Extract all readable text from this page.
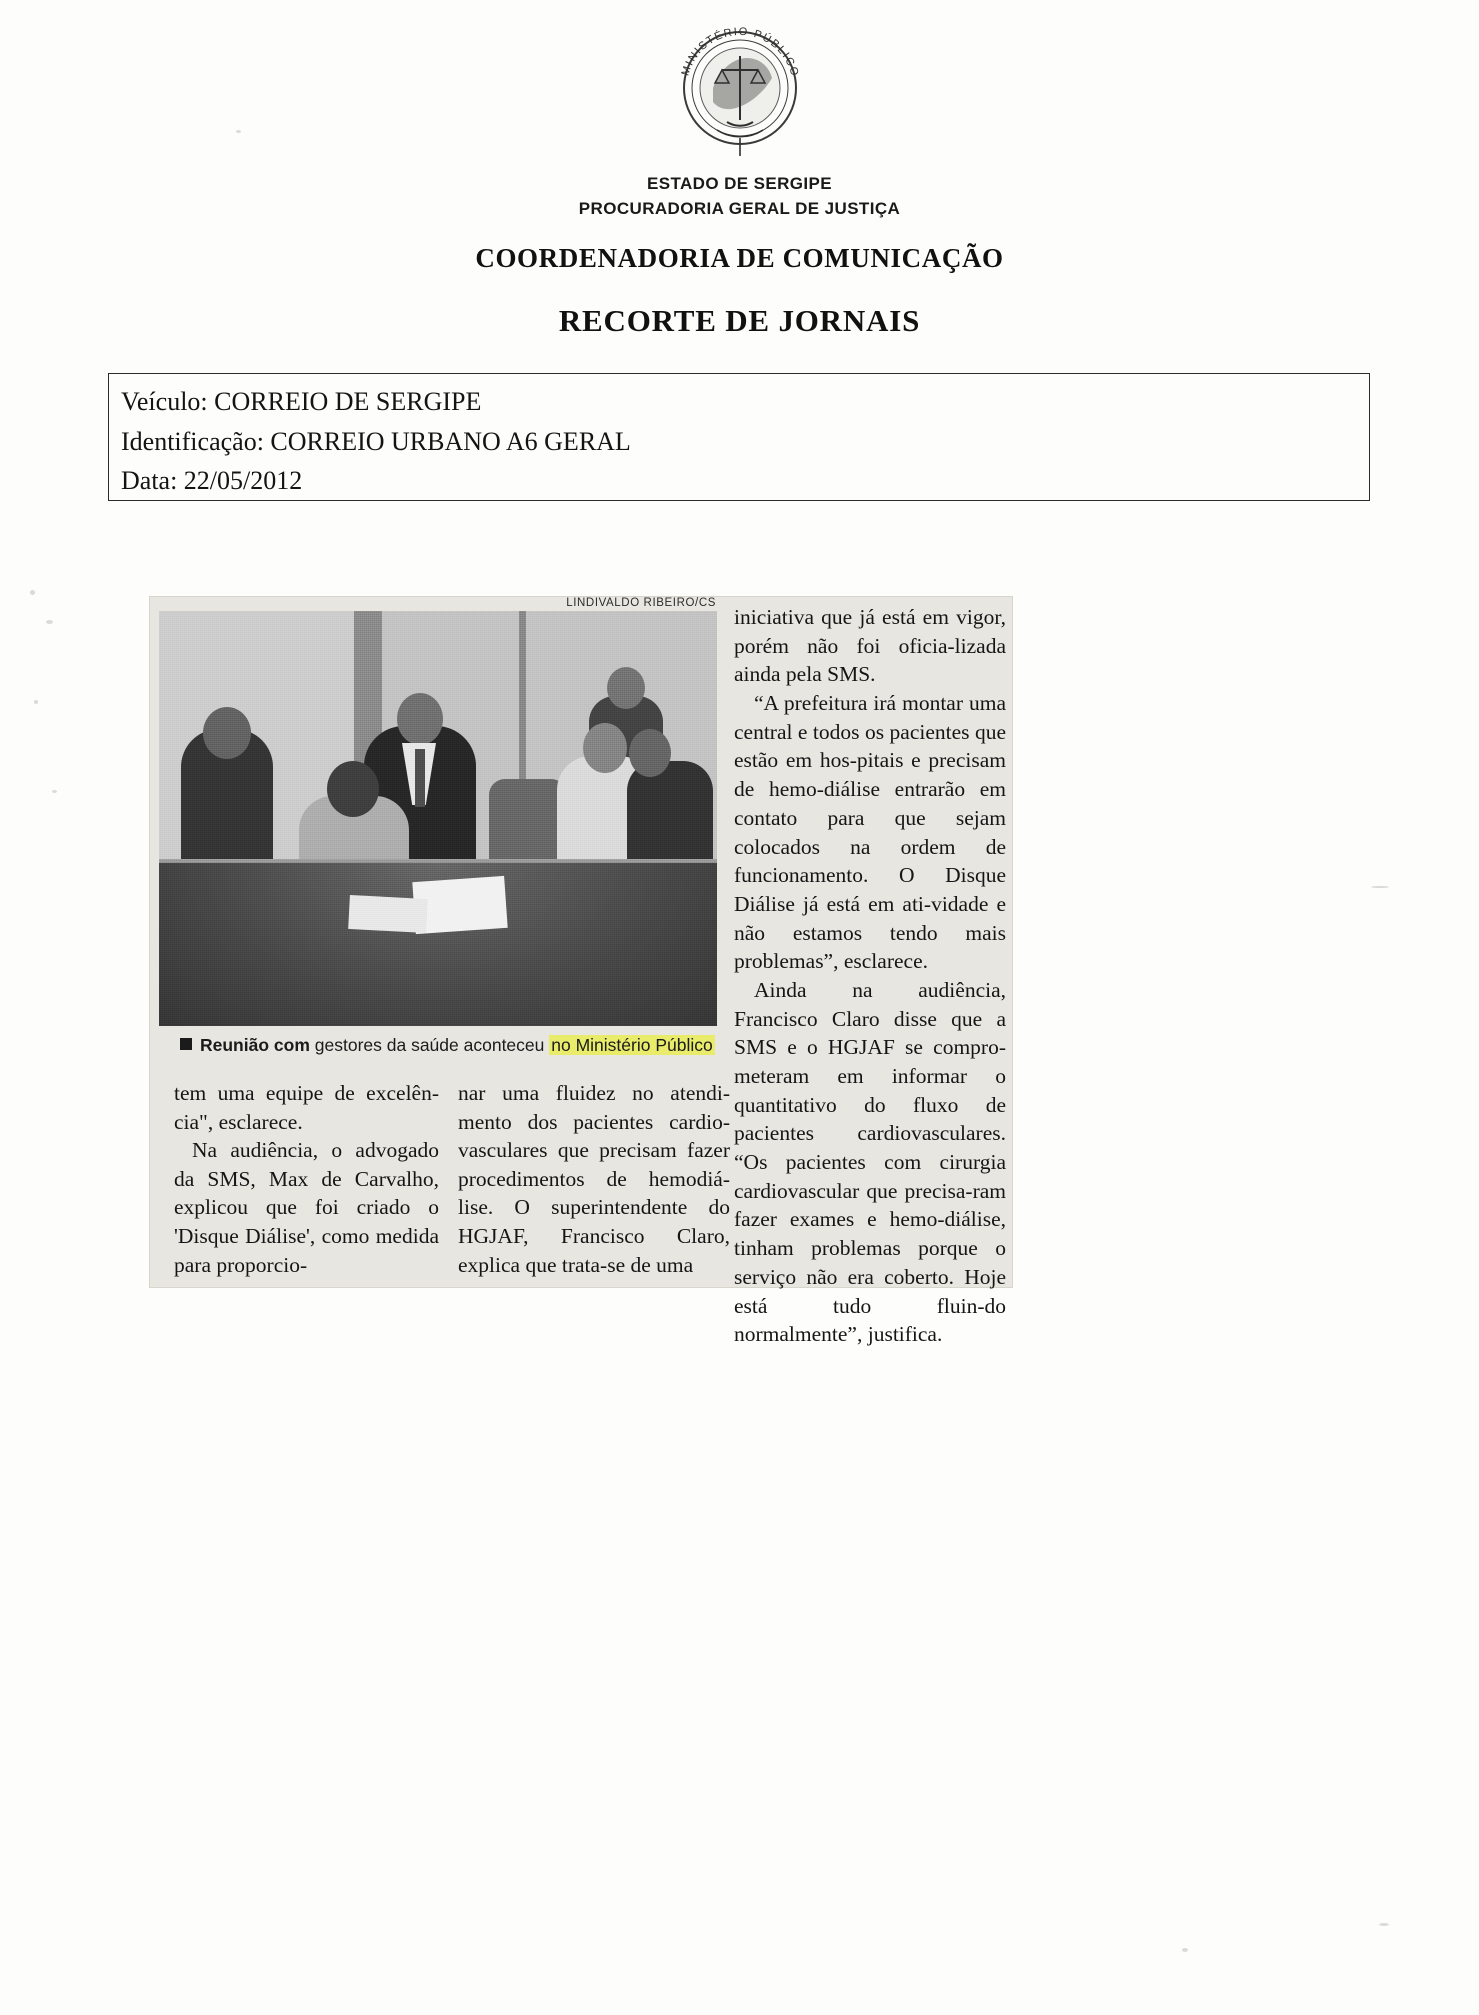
MINISTÉRIO PÚBLICO
ESTADO DE SERGIPE
PROCURADORIA GERAL DE JUSTIÇA
COORDENADORIA DE COMUNICAÇÃO
RECORTE DE JORNAIS
Veículo: CORREIO DE SERGIPE
Identificação: CORREIO URBANO A6 GERAL
Data: 22/05/2012
LINDIVALDO RIBEIRO/CS
Reunião com gestores da saúde aconteceu no Ministério Público

tem uma equipe de excelên-cia", esclarece.

Na audiência, o advogado da SMS, Max de Carvalho, explicou que foi criado o 'Disque Diálise', como medida para proporcio-

nar uma fluidez no atendi-mento dos pacientes cardio-vasculares que precisam fazer procedimentos de hemodiá-lise. O superintendente do HGJAF, Francisco Claro, explica que trata-se de uma

iniciativa que já está em vigor, porém não foi oficia-lizada ainda pela SMS.

“A prefeitura irá montar uma central e todos os pacientes que estão em hos-pitais e precisam de hemo-diálise entrarão em contato para que sejam colocados na ordem de funcionamento. O Disque Diálise já está em ati-vidade e não estamos tendo mais problemas”, esclarece.

Ainda na audiência, Francisco Claro disse que a SMS e o HGJAF se compro-meteram em informar o quantitativo do fluxo de pacientes cardiovasculares. “Os pacientes com cirurgia cardiovascular que precisa-ram fazer exames e hemo-diálise, tinham problemas porque o serviço não era coberto. Hoje está tudo fluin-do normalmente”, justifica.
